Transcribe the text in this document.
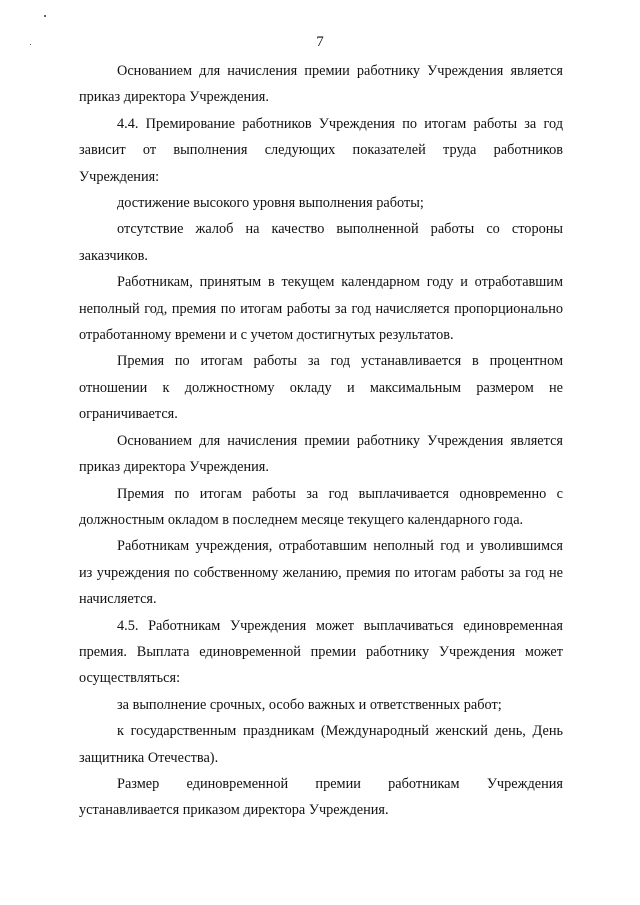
7

Основанием для начисления премии работнику Учреждения является приказ директора Учреждения.

4.4. Премирование работников Учреждения по итогам работы за год зависит от выполнения следующих показателей труда работников Учреждения:

достижение высокого уровня выполнения работы;

отсутствие жалоб на качество выполненной работы со стороны заказчиков.

Работникам, принятым в текущем календарном году и отработавшим неполный год, премия по итогам работы за год начисляется пропорционально отработанному времени и с учетом достигнутых результатов.

Премия по итогам работы за год устанавливается в процентном отношении к должностному окладу и максимальным размером не ограничивается.

Основанием для начисления премии работнику Учреждения является приказ директора Учреждения.

Премия по итогам работы за год выплачивается одновременно с должностным окладом в последнем месяце текущего календарного года.

Работникам учреждения, отработавшим неполный год и уволившимся из учреждения по собственному желанию, премия по итогам работы за год не начисляется.

4.5. Работникам Учреждения может выплачиваться единовременная премия. Выплата единовременной премии работнику Учреждения может осуществляться:

за выполнение срочных, особо важных и ответственных работ;

к государственным праздникам (Международный женский день, День защитника Отечества).

Размер единовременной премии работникам Учреждения устанавливается приказом директора Учреждения.
